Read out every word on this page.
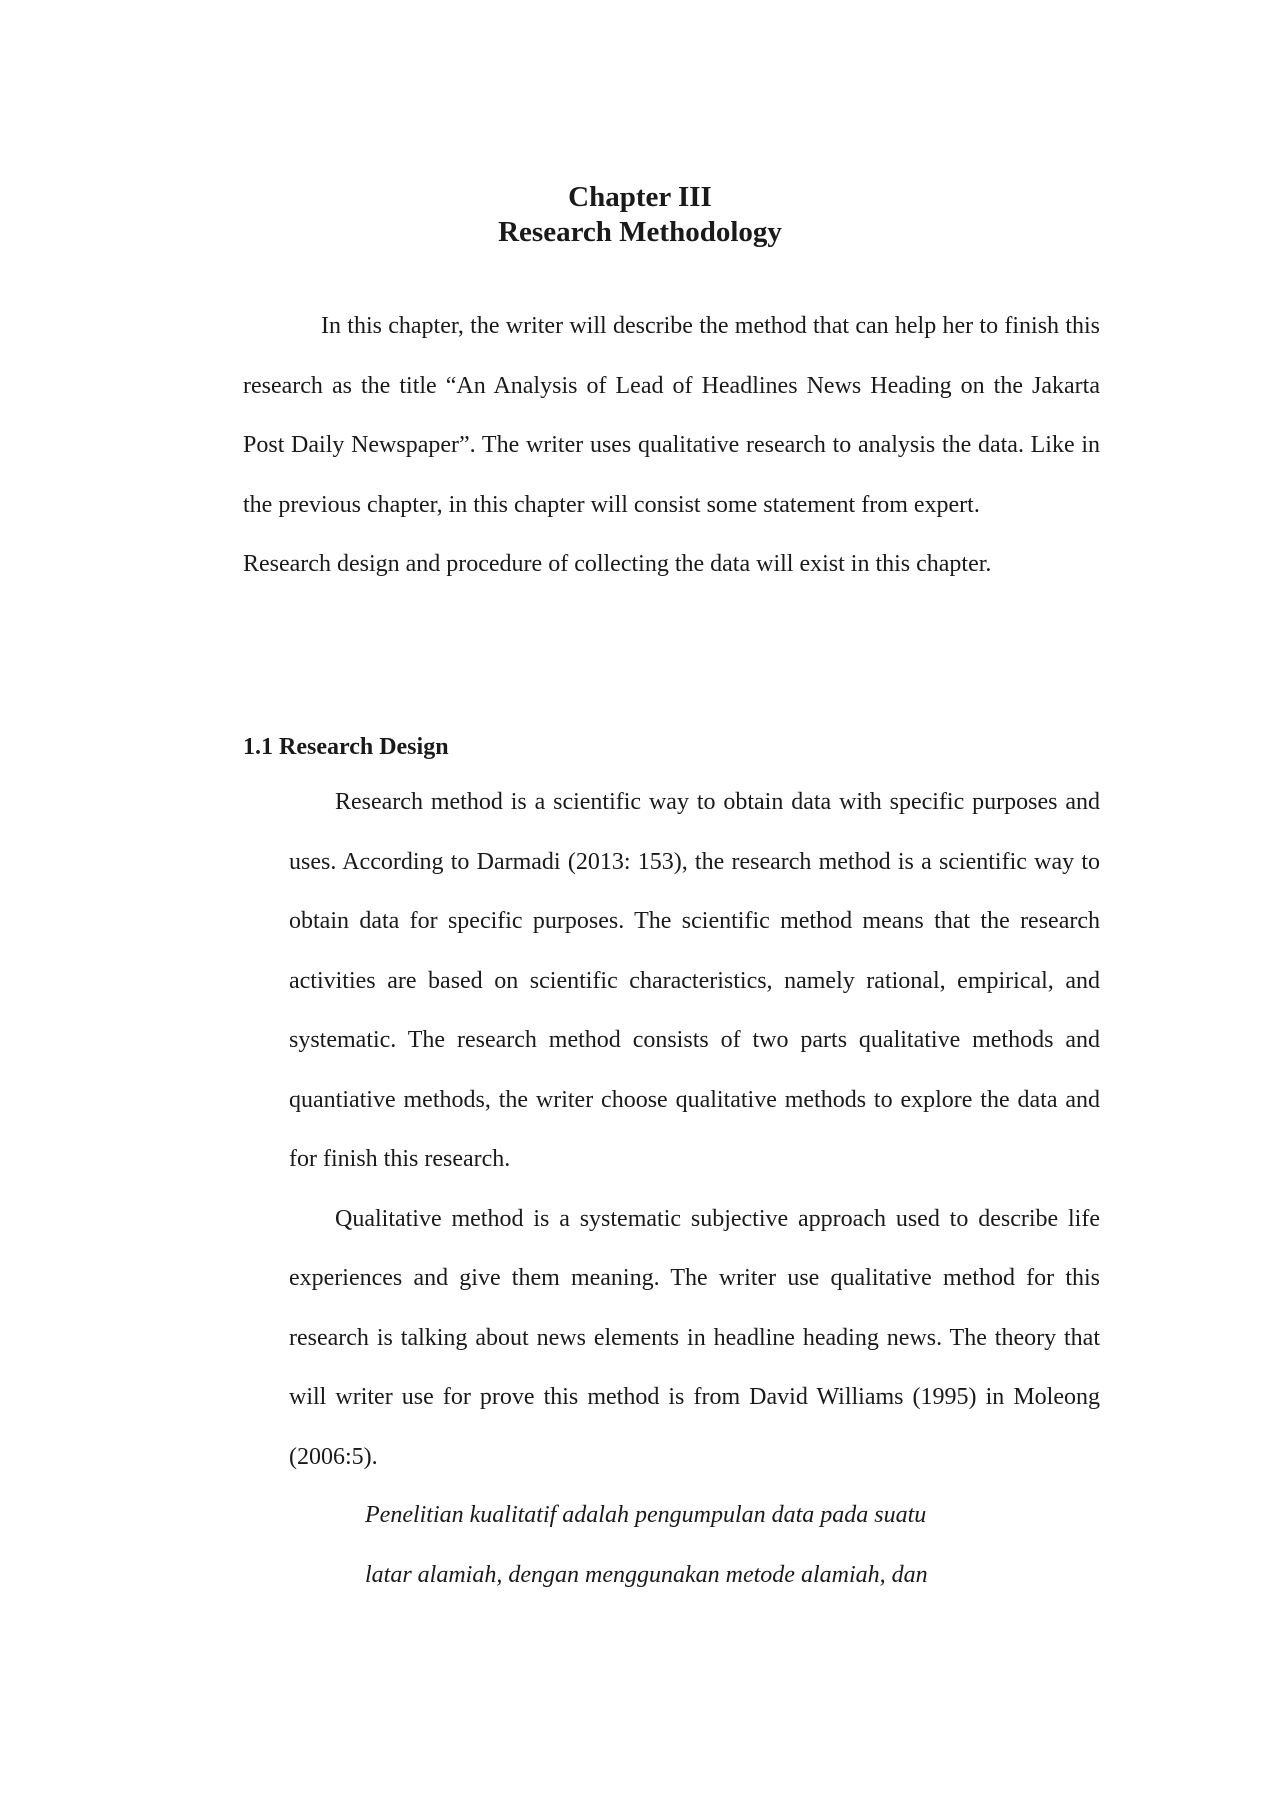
Chapter III
Research Methodology

In this chapter, the writer will describe the method that can help her to finish this research as the title “An Analysis of Lead of Headlines News Heading on the Jakarta Post Daily Newspaper”. The writer uses qualitative research to analysis the data. Like in the previous chapter, in this chapter will consist some statement from expert.

Research design and procedure of collecting the data will exist in this chapter.

1.1 Research Design

Research method is a scientific way to obtain data with specific purposes and uses. According to Darmadi (2013: 153), the research method is a scientific way to obtain data for specific purposes. The scientific method means that the research activities are based on scientific characteristics, namely rational, empirical, and systematic. The research method consists of two parts qualitative methods and quantiative methods, the writer choose qualitative methods to explore the data and for finish this research.

Qualitative method is a systematic subjective approach used to describe life experiences and give them meaning. The writer use qualitative method for this research is talking about news elements in headline heading news. The theory that will writer use for prove this method is from David Williams (1995) in Moleong (2006:5).

Penelitian kualitatif adalah pengumpulan data pada suatu
latar alamiah, dengan menggunakan metode alamiah, dan
